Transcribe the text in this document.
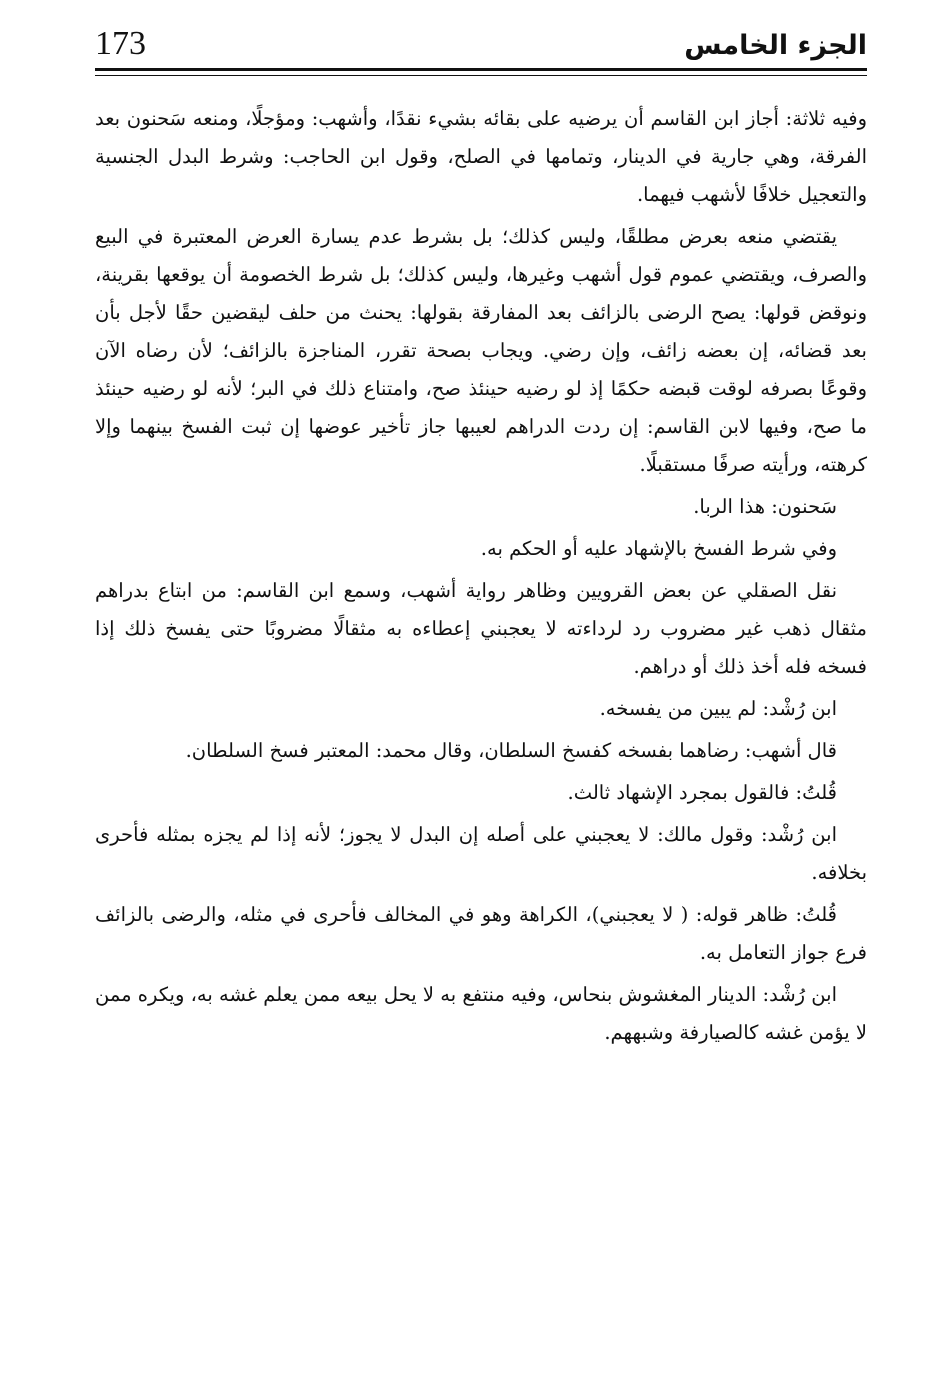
173	الجزء الخامس

وفيه ثلاثة: أجاز ابن القاسم أن يرضيه على بقائه بشيء نقدًا، وأشهب: ومؤجلًا، ومنعه سَحنون بعد الفرقة، وهي جارية في الدينار، وتمامها في الصلح، وقول ابن الحاجب: وشرط البدل الجنسية والتعجيل خلافًا لأشهب فيهما.

يقتضي منعه بعرض مطلقًا، وليس كذلك؛ بل بشرط عدم يسارة العرض المعتبرة في البيع والصرف، ويقتضي عموم قول أشهب وغيرها، وليس كذلك؛ بل شرط الخصومة أن يوقعها بقرينة، ونوقض قولها: يصح الرضى بالزائف بعد المفارقة بقولها: يحنث من حلف ليقضين حقًا لأجل بأن بعد قضائه، إن بعضه زائف، وإن رضي. ويجاب بصحة تقرر، المناجزة بالزائف؛ لأن رضاه الآن وقوعًا بصرفه لوقت قبضه حكمًا إذ لو رضيه حينئذ صح، وامتناع ذلك في البر؛ لأنه لو رضيه حينئذ ما صح، وفيها لابن القاسم: إن ردت الدراهم لعيبها جاز تأخير عوضها إن ثبت الفسخ بينهما وإلا كرهته، ورأيته صرفًا مستقبلًا.

سَحنون: هذا الربا.

وفي شرط الفسخ بالإشهاد عليه أو الحكم به.

نقل الصقلي عن بعض القرويين وظاهر رواية أشهب، وسمع ابن القاسم: من ابتاع بدراهم مثقال ذهب غير مضروب رد لرداءته لا يعجبني إعطاءه به مثقالًا مضروبًا حتى يفسخ ذلك إذا فسخه فله أخذ ذلك أو دراهم.

ابن رُشْد: لم يبين من يفسخه.

قال أشهب: رضاهما بفسخه كفسخ السلطان، وقال محمد: المعتبر فسخ السلطان.

قُلتُ: فالقول بمجرد الإشهاد ثالث.

ابن رُشْد: وقول مالك: لا يعجبني على أصله إن البدل لا يجوز؛ لأنه إذا لم يجزه بمثله فأحرى بخلافه.

قُلتُ: ظاهر قوله: ( لا يعجبني)، الكراهة وهو في المخالف فأحرى في مثله، والرضى بالزائف فرع جواز التعامل به.

ابن رُشْد: الدينار المغشوش بنحاس، وفيه منتفع به لا يحل بيعه ممن يعلم غشه به، ويكره ممن لا يؤمن غشه كالصيارفة وشبههم.
